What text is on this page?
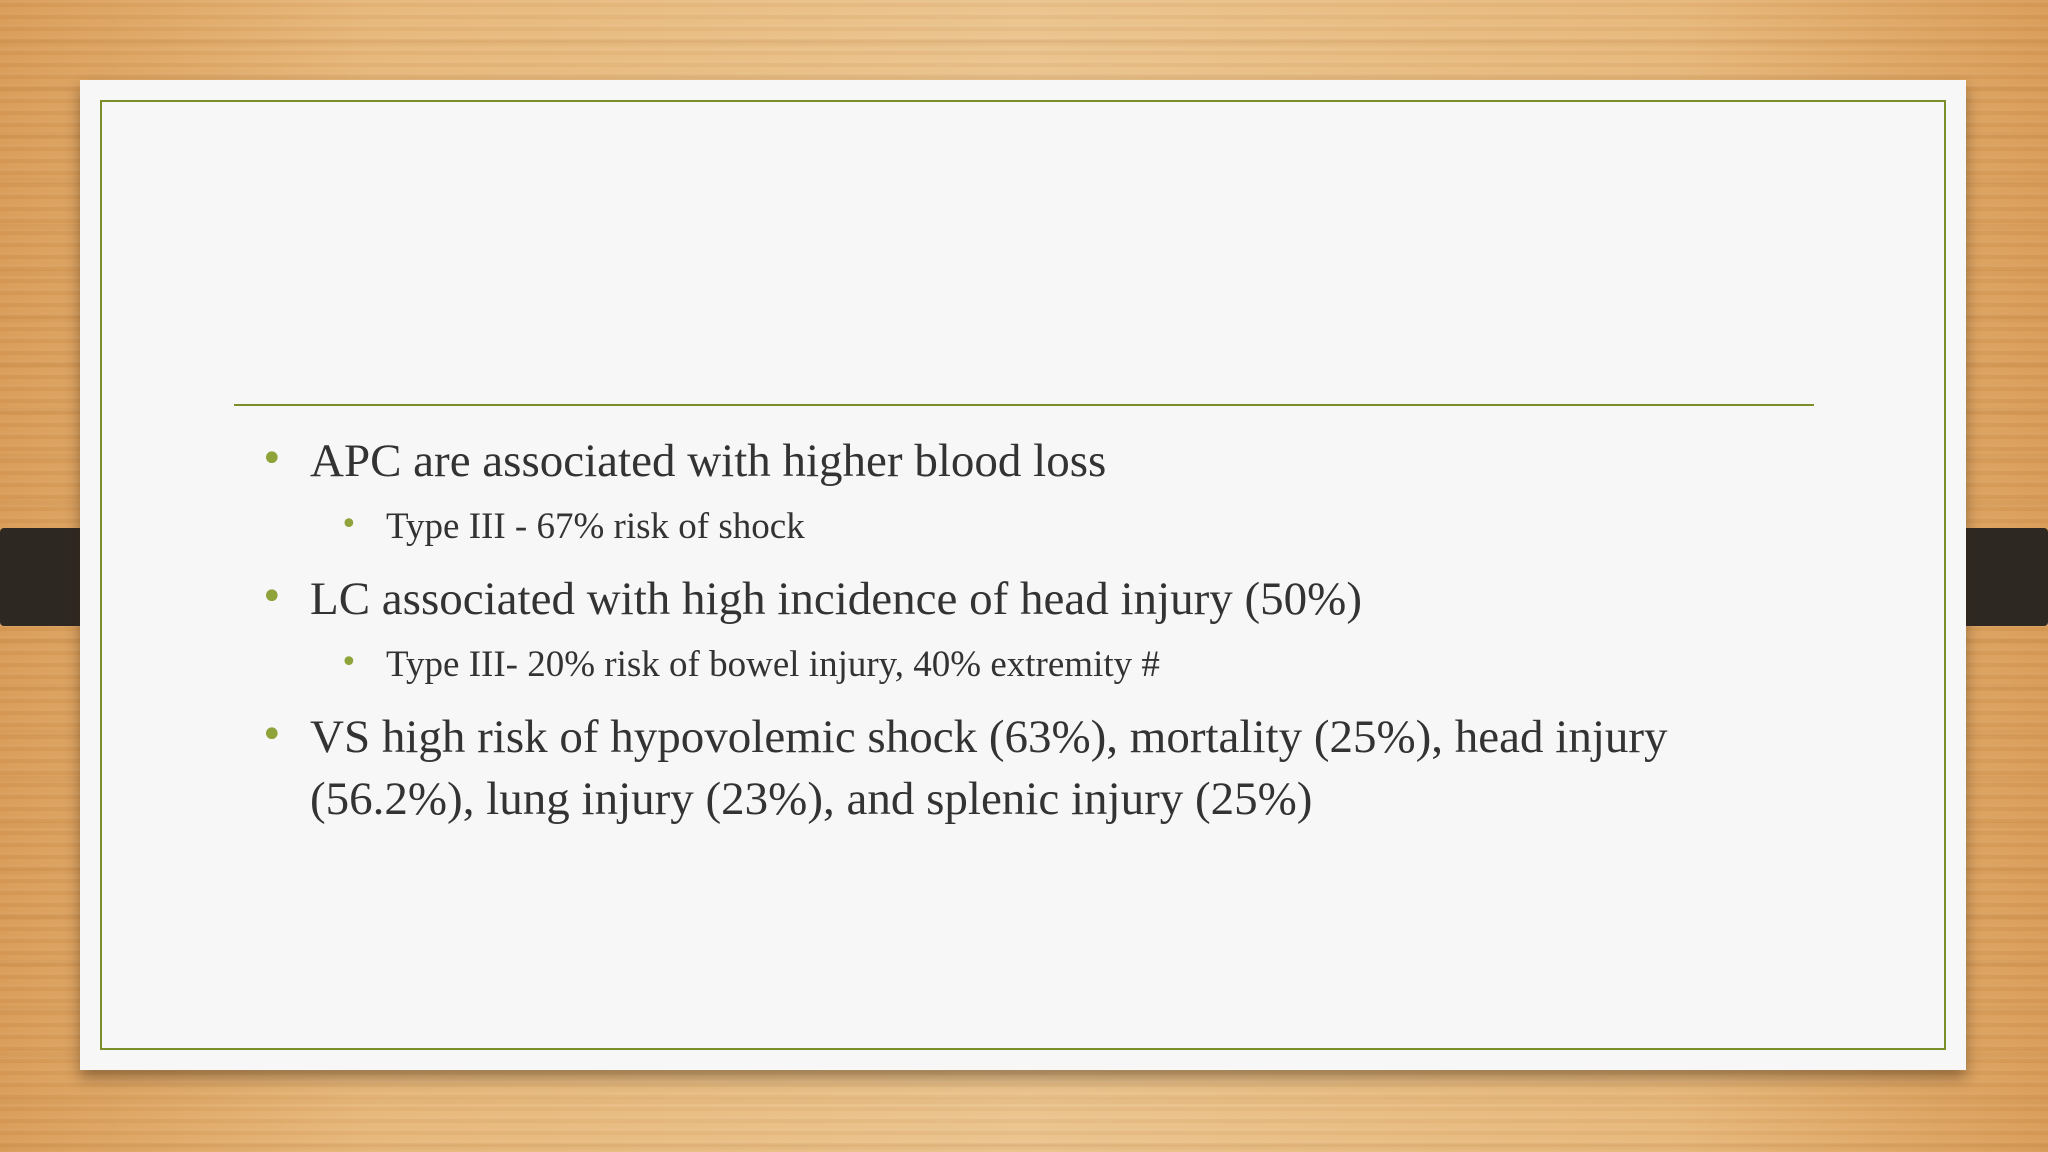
• APC are associated with higher blood loss

• Type III - 67% risk of shock

• LC associated with high incidence of head injury (50%)

• Type III- 20% risk of bowel injury, 40% extremity #

• VS high risk of hypovolemic shock (63%), mortality (25%), head injury (56.2%), lung injury (23%), and splenic injury (25%)
